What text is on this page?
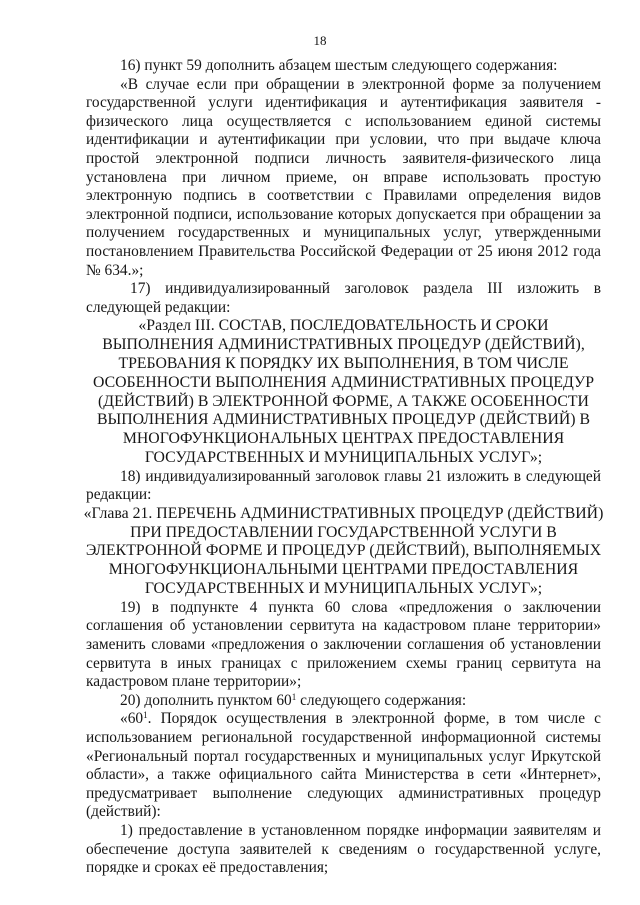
18

16) пункт 59 дополнить абзацем шестым следующего содержания:

«В случае если при обращении в электронной форме за получением государственной услуги идентификация и аутентификация заявителя - физического лица осуществляется с использованием единой системы идентификации и аутентификации при условии, что при выдаче ключа простой электронной подписи личность заявителя-физического лица установлена при личном приеме, он вправе использовать простую электронную подпись в соответствии с Правилами определения видов электронной подписи, использование которых допускается при обращении за получением государственных и муниципальных услуг, утвержденными постановлением Правительства Российской Федерации от 25 июня 2012 года № 634.»;

17) индивидуализированный заголовок раздела III изложить в следующей редакции:

«Раздел III. СОСТАВ, ПОСЛЕДОВАТЕЛЬНОСТЬ И СРОКИ ВЫПОЛНЕНИЯ АДМИНИСТРАТИВНЫХ ПРОЦЕДУР (ДЕЙСТВИЙ), ТРЕБОВАНИЯ К ПОРЯДКУ ИХ ВЫПОЛНЕНИЯ, В ТОМ ЧИСЛЕ ОСОБЕННОСТИ ВЫПОЛНЕНИЯ АДМИНИСТРАТИВНЫХ ПРОЦЕДУР (ДЕЙСТВИЙ) В ЭЛЕКТРОННОЙ ФОРМЕ, А ТАКЖЕ ОСОБЕННОСТИ ВЫПОЛНЕНИЯ АДМИНИСТРАТИВНЫХ ПРОЦЕДУР (ДЕЙСТВИЙ) В МНОГОФУНКЦИОНАЛЬНЫХ ЦЕНТРАХ ПРЕДОСТАВЛЕНИЯ ГОСУДАРСТВЕННЫХ И МУНИЦИПАЛЬНЫХ УСЛУГ»;

18) индивидуализированный заголовок главы 21 изложить в следующей редакции:

«Глава 21. ПЕРЕЧЕНЬ АДМИНИСТРАТИВНЫХ ПРОЦЕДУР (ДЕЙСТВИЙ) ПРИ ПРЕДОСТАВЛЕНИИ ГОСУДАРСТВЕННОЙ УСЛУГИ В ЭЛЕКТРОННОЙ ФОРМЕ И ПРОЦЕДУР (ДЕЙСТВИЙ), ВЫПОЛНЯЕМЫХ МНОГОФУНКЦИОНАЛЬНЫМИ ЦЕНТРАМИ ПРЕДОСТАВЛЕНИЯ ГОСУДАРСТВЕННЫХ И МУНИЦИПАЛЬНЫХ УСЛУГ»;

19) в подпункте 4 пункта 60 слова «предложения о заключении соглашения об установлении сервитута на кадастровом плане территории» заменить словами «предложения о заключении соглашения об установлении сервитута в иных границах с приложением схемы границ сервитута на кадастровом плане территории»;

20) дополнить пунктом $60^1$ следующего содержания:

«$60^1$. Порядок осуществления в электронной форме, в том числе с использованием региональной государственной информационной системы «Региональный портал государственных и муниципальных услуг Иркутской области», а также официального сайта Министерства в сети «Интернет», предусматривает выполнение следующих административных процедур (действий):

1) предоставление в установленном порядке информации заявителям и обеспечение доступа заявителей к сведениям о государственной услуге, порядке и сроках её предоставления;
